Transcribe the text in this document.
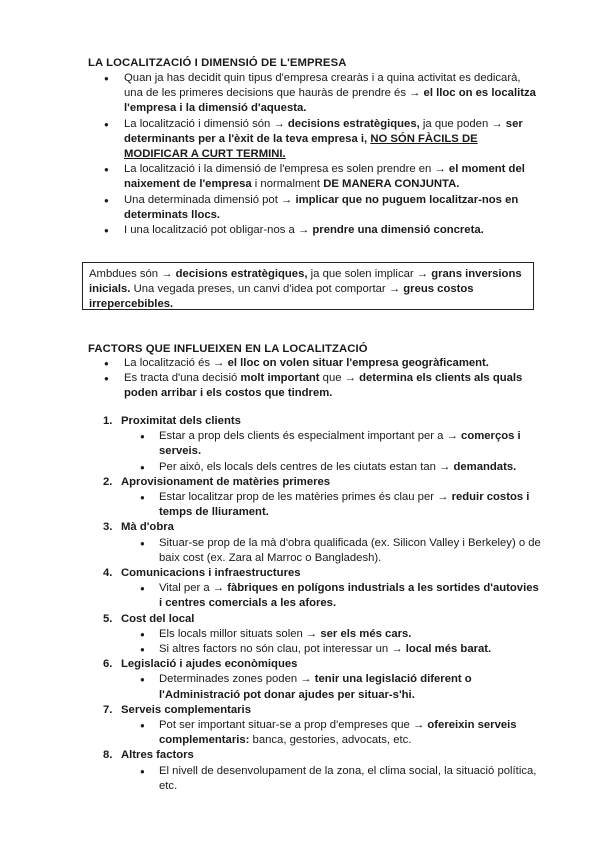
LA LOCALITZACIÓ I DIMENSIÓ DE L'EMPRESA
● Quan ja has decidit quin tipus d'empresa crearàs i a quina activitat es dedicarà, una de les primeres decisions que hauràs de prendre és → el lloc on es localitza l'empresa i la dimensió d'aquesta.
● La localització i dimensió són → decisions estratègiques, ja que poden → ser determinants per a l'èxit de la teva empresa i, NO SÓN FÀCILS DE MODIFICAR A CURT TERMINI.
● La localització i la dimensió de l'empresa es solen prendre en → el moment del naixement de l'empresa i normalment DE MANERA CONJUNTA.
● Una determinada dimensió pot → implicar que no puguem localitzar-nos en determinats llocs.
● I una localització pot obligar-nos a → prendre una dimensió concreta.
Ambdues són → decisions estratègiques, ja que solen implicar → grans inversions inicials. Una vegada preses, un canvi d'idea pot comportar → greus costos irrepercebibles.
FACTORS QUE INFLUEIXEN EN LA LOCALITZACIÓ
● La localització és → el lloc on volen situar l'empresa geogràficament.
● Es tracta d'una decisió molt important que → determina els clients als quals poden arribar i els costos que tindrem.
1. Proximitat dels clients
● Estar a prop dels clients és especialment important per a → comerços i serveis.
● Per això, els locals dels centres de les ciutats estan tan → demandats.
2. Aprovisionament de matèries primeres
● Estar localitzar prop de les matèries primes és clau per → reduir costos i temps de lliurament.
3. Mà d'obra
● Situar-se prop de la mà d'obra qualificada (ex. Silicon Valley i Berkeley) o de baix cost (ex. Zara al Marroc o Bangladesh).
4. Comunicacions i infraestructures
● Vital per a → fàbriques en polígons industrials a les sortides d'autovies i centres comercials a les afores.
5. Cost del local
● Els locals millor situats solen → ser els més cars.
● Si altres factors no són clau, pot interessar un → local més barat.
6. Legislació i ajudes econòmiques
● Determinades zones poden → tenir una legislació diferent o l'Administració pot donar ajudes per situar-s'hi.
7. Serveis complementaris
● Pot ser important situar-se a prop d'empreses que → ofereixin serveis complementaris: banca, gestories, advocats, etc.
8. Altres factors
● El nivell de desenvolupament de la zona, el clima social, la situació política, etc.
